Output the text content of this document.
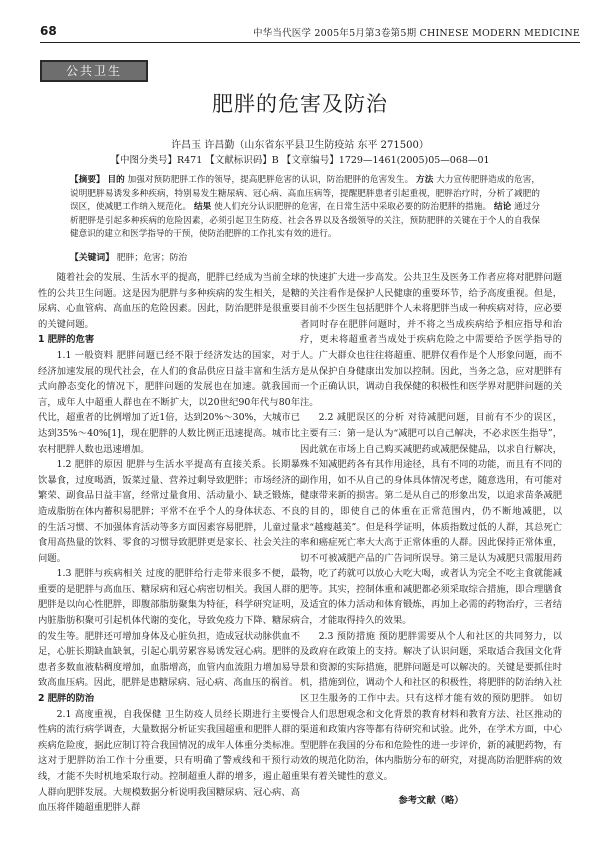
68	中华当代医学 2005年5月第3卷第5期 CHINESE MODERN MEDICINE
公共卫生
肥胖的危害及防治
许昌玉 许昌勤（山东省东平县卫生防疫站 东平 271500）
【中图分类号】R471 【文献标识码】B 【文章编号】1729—1461(2005)05—068—01
【摘要】 目的 加强对预防肥胖工作的领导，提高肥胖危害的认识，防治肥胖的危害发生。 方法 大力宣传肥胖造成的危害，说明肥胖易诱发多种疾病，特别易发生糖尿病、冠心病、高血压病等，提醒肥胖患者引起重视，肥胖治疗时，分析了减肥的误区，使减肥工作纳入规范化。 结果 使人们充分认识肥胖的危害，在日常生活中采取必要的防治肥胖的措施。 结论 通过分析肥胖是引起多种疾病的危险因素，必须引起卫生防疫、社会各界以及各级领导的关注，预防肥胖的关键在于个人的自我保健意识的建立和医学指导的干预，使防治肥胖的工作扎实有效的进行。
【关键词】 肥胖；危害；防治

随着社会的发展、生活水平的提高，肥胖已经成为当前全球性的公共卫生问题。这是因为肥胖与多种疾病的发生相关，是糖尿病、心血管病、高血压的危险因素。因此，防治肥胖是很重要的关键问题。

1 肥胖的危害

1.1 一般资料 肥胖问题已经不限于经济发达的国家，对于经济加速发展的现代社会，在人们的食品供应日益丰富和生活方式向静态变化的情况下，肥胖问题的发展也在加速。就我国而言，成年人中超重人群也在不断扩大，以20世纪90年代与80年代比，超重者的比例增加了近1倍，达到20%～30%，大城市已达到35%～40%[1]，现在肥胖的人数比例正迅速提高。城市比农村肥胖人数也迅速增加。

1.2 肥胖的原因 肥胖与生活水平提高有直接关系。长期暴饮暴食，过度喝酒，饭菜过量、营养过剩导致肥胖；市场经济的繁荣、副食品日益丰富，经常过量食用、活动量小、缺乏锻炼，造成脂肪在体内蓄积易肥胖；平常不在乎个人的身体状态、不良的生活习惯、不加强体育活动等多方面因素容易肥胖，儿童过量食用高热量的饮料、零食的习惯导致肥胖更是家长、社会关注的问题。

1.3 肥胖与疾病相关 过度的肥胖给行走带来很多不便，最重要的是肥胖与高血压、糖尿病和冠心病密切相关。我国人群的肥胖是以向心性肥胖，即腹部脂肪聚集为特征，科学研究证明，内脏脂肪积聚可引起机体代谢的变化，导致免疫力下降、糖尿病的发生等。肥胖还可增加身体及心脏负担，造成冠状动脉供血不足，心脏长期缺血缺氧，引起心肌劳累容易诱发冠心病。肥胖的患者多数血液粘稠度增加，血脂增高，血管内血流阻力增加易导致高血压病。因此，肥胖是患糖尿病、冠心病、高血压的祸首。

2 肥胖的防治

2.1 高度重视，自我保健 卫生防疫人员经长期进行主要慢性病的流行病学调查，大量数据分析证实我国超重和肥胖人群的疾病危险度，据此应制订符合我国情况的成年人体重分类标准。这对于肥胖防治工作十分重要，只有明确了警戒线和干预行动线，才能不失时机地采取行动。控制超重人群的增多，遏止超重人群向肥胖发展。大规模数据分析说明我国糖尿病、冠心病、高血压将伴随超重肥胖人群

的快速扩大进一步高发。公共卫生及医务工作者应将对肥胖问题的关注看作是保护人民健康的重要环节，给予高度重视。但是，目前不少医生包括肥胖个人未将肥胖当成一种疾病对待，应必要者同时存在肥胖问题时，并不将之当成疾病给予相应指导和治疗，更未将超重者当成处于疾病危险之中需要给予医学指导的人。广大群众也往往将超重、肥胖仅看作是个人形象问题，而不是从保护自身健康出发加以控制。因此，当务之急，应对肥胖有一个正确认识，调动自我保健的积极性和医学界对肥胖问题的关注。

2.2 减肥误区的分析 对待减肥问题，目前有不少的误区，主要有三：第一是认为“减肥可以自己解决，不必求医生指导”，因此就在市场上自己购买减肥药或减肥保健品，以求自行解决，殊不知减肥药各有其作用途径，具有不同的功能，而且有不同的副作用，如不从自己的身体具体情况考虑，随意选用，有可能对健康带来新的损害。第二是从自己的形象出发，以追求苗条减肥的目的，即使自己的体重在正常范围内，仍不断地减肥，以求“越瘦越美”。但是科学证明，体质指数过低的人群，其总死亡率和癌症死亡率大大高于正常体重的人群。因此保持正常体重，切不可被减肥产品的广告词所误导。第三是认为减肥只需服用药物，吃了药就可以放心大吃大喝，或者认为完全不吃主食就能减肥等。其实，控制体重和减肥都必须采取综合措施，即合理膳食及适宜的体力活动和体育锻炼，再加上必需的药物治疗，三者结合，才能取得持久的效果。

2.3 预防措施 预防肥胖需要从个人和社区的共同努力，以及政府在政策上的支持。解决了认识问题，采取适合我国文化背景和资源的实际措施，肥胖问题是可以解决的。关键是要抓住时机，措施到位，调动个人和社区的积极性，将肥胖的防治纳入社区卫生服务的工作中去。只有这样才能有效的预防肥胖。 如切合人们思想观念和文化背景的教育材料和教育方法、社区推动的渠道和政策内容等都有待研究和试验。此外，在学术方面，中心型肥胖在我国的分布和危险性的进一步评价，新的减肥药物，有效的规范化防治，体内脂肪分布的研究，对提高防治肥胖病的效果有着关键性的意义。

参考文献（略）
